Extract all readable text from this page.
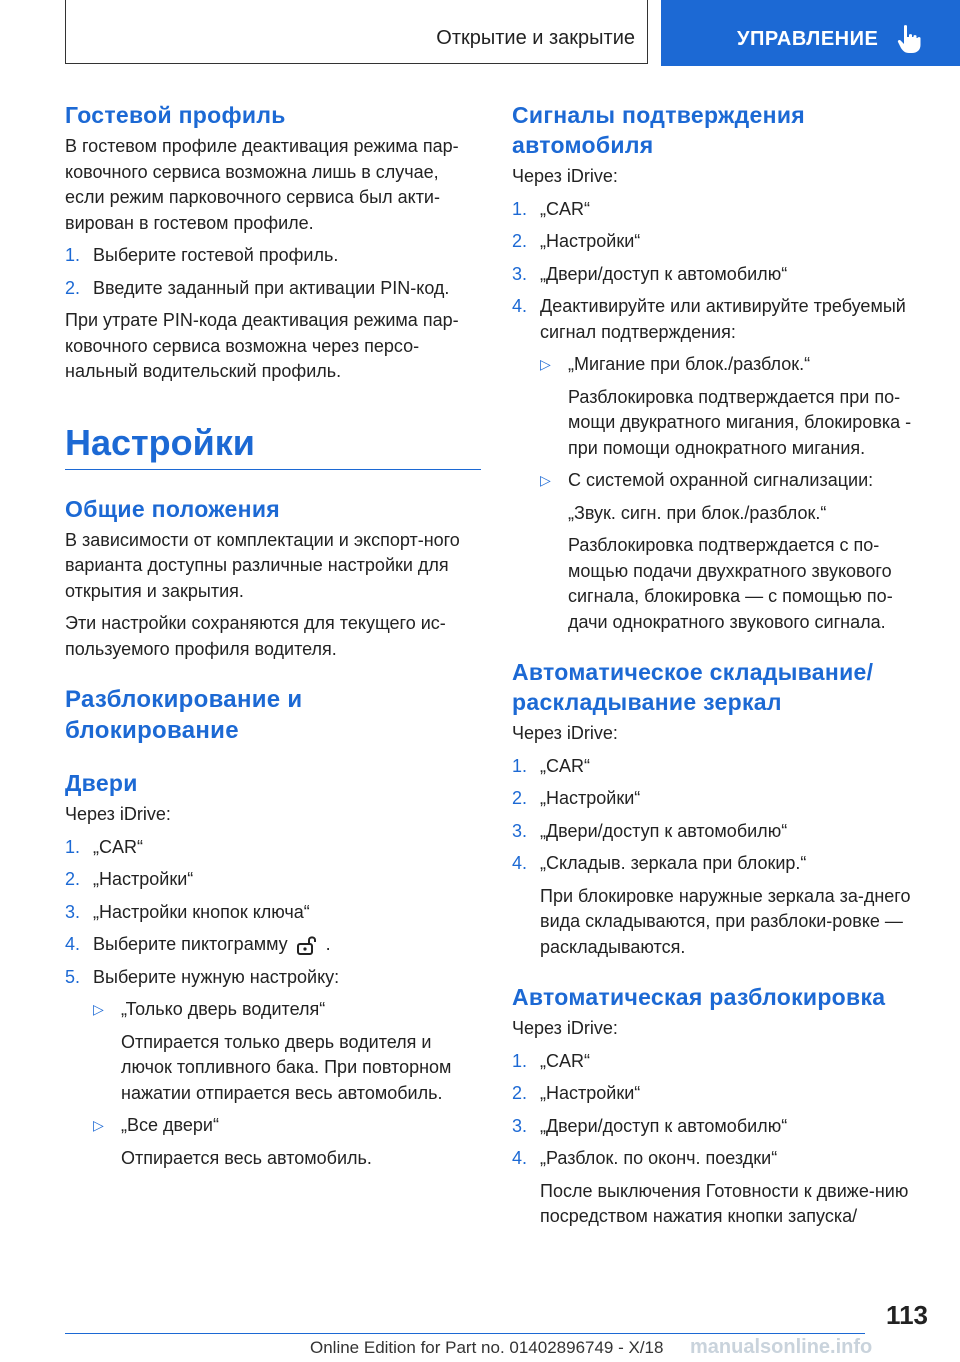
Открытие и закрытие	УПРАВЛЕНИЕ
Гостевой профиль

В гостевом профиле деактивация режима пар-ковочного сервиса возможна лишь в случае, если режим парковочного сервиса был акти-вирован в гостевом профиле.

1. Выберите гостевой профиль.
2. Введите заданный при активации PIN-код.

При утрате PIN-кода деактивация режима пар-ковочного сервиса возможна через персо-нальный водительский профиль.

Настройки
Общие положения

В зависимости от комплектации и экспорт-ного варианта доступны различные настройки для открытия и закрытия.

Эти настройки сохраняются для текущего ис-пользуемого профиля водителя.

Разблокирование и блокирование
Двери

Через iDrive:

1. „CAR“
2. „Настройки“
3. „Настройки кнопок ключа“
4. Выберите пиктограмму .
5. Выберите нужную настройку:
▷ „Только дверь водителя“

Отпирается только дверь водителя и лючок топливного бака. При повторном нажатии отпирается весь автомобиль.

▷ „Все двери“

Отпирается весь автомобиль.

Сигналы подтверждения автомобиля

Через iDrive:

1. „CAR“
2. „Настройки“
3. „Двери/доступ к автомобилю“
4. Деактивируйте или активируйте требуемый сигнал подтверждения:
▷ „Мигание при блок./разблок.“

Разблокировка подтверждается при по-мощи двукратного мигания, блокировка - при помощи однократного мигания.

▷ С системой охранной сигнализации:

„Звук. сигн. при блок./разблок.“

Разблокировка подтверждается с по-мощью подачи двухкратного звукового сигнала, блокировка — с помощью по-дачи однократного звукового сигнала.

Автоматическое складывание/ раскладывание зеркал

Через iDrive:

1. „CAR“
2. „Настройки“
3. „Двери/доступ к автомобилю“
4. „Складыв. зеркала при блокир.“

При блокировке наружные зеркала за-днего вида складываются, при разблоки-ровке — раскладываются.

Автоматическая разблокировка

Через iDrive:

1. „CAR“
2. „Настройки“
3. „Двери/доступ к автомобилю“
4. „Разблок. по оконч. поездки“

После выключения Готовности к движе-нию посредством нажатия кнопки запуска/

113
Online Edition for Part no. 01402896749 - X/18 manualsonline.info
